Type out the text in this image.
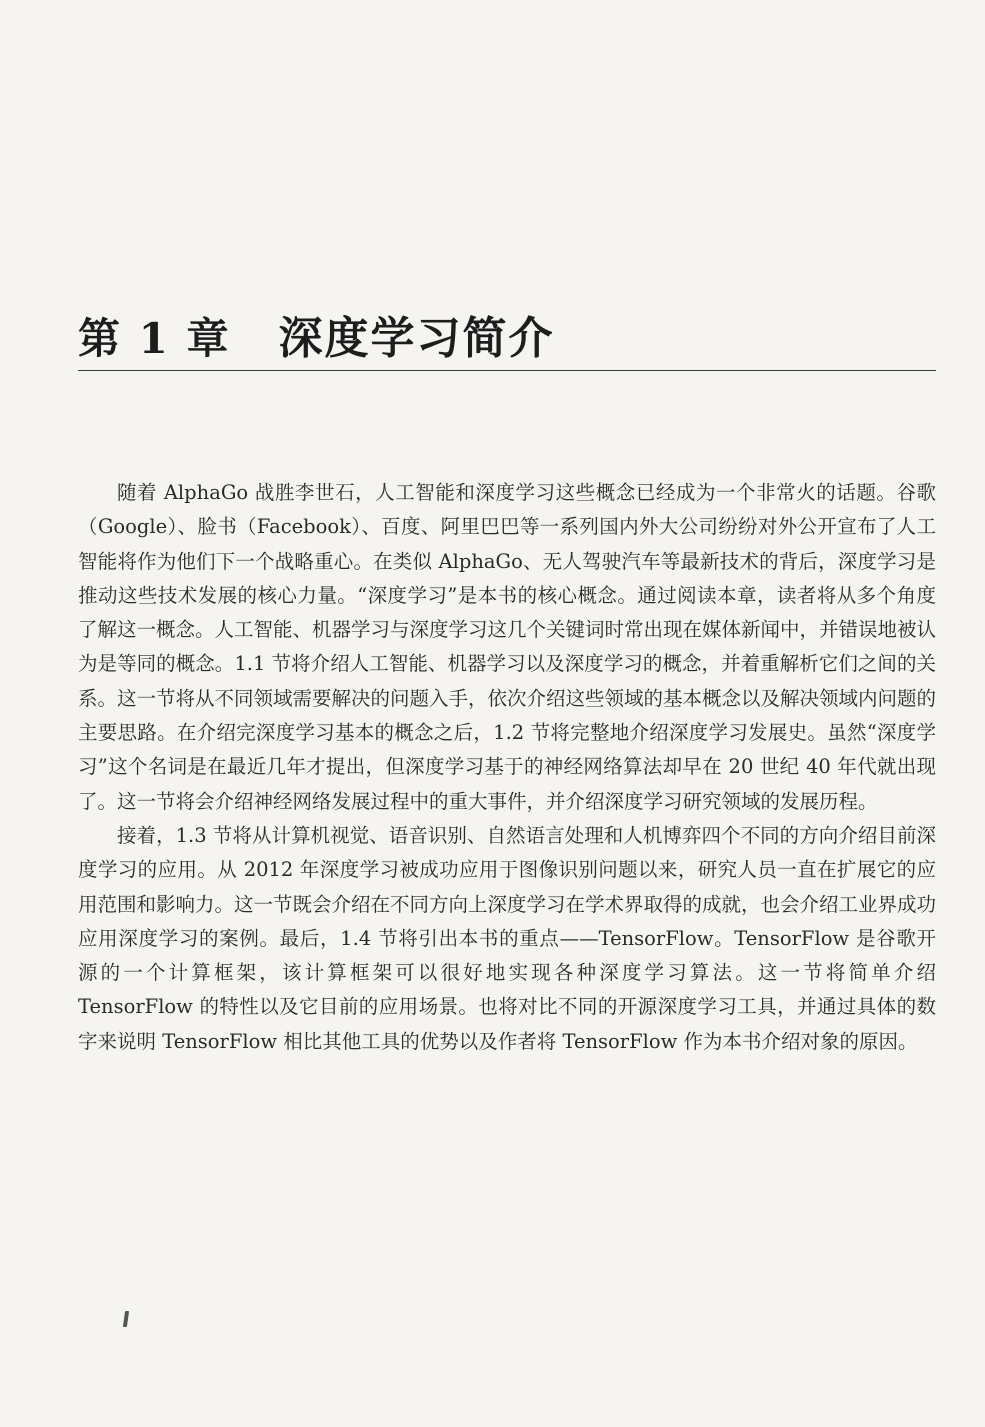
第 1 章 深度学习简介

随着 AlphaGo 战胜李世石，人工智能和深度学习这些概念已经成为一个非常火的话题。谷歌（Google）、脸书（Facebook）、百度、阿里巴巴等一系列国内外大公司纷纷对外公开宣布了人工智能将作为他们下一个战略重心。在类似 AlphaGo、无人驾驶汽车等最新技术的背后，深度学习是推动这些技术发展的核心力量。“深度学习”是本书的核心概念。通过阅读本章，读者将从多个角度了解这一概念。人工智能、机器学习与深度学习这几个关键词时常出现在媒体新闻中，并错误地被认为是等同的概念。1.1 节将介绍人工智能、机器学习以及深度学习的概念，并着重解析它们之间的关系。这一节将从不同领域需要解决的问题入手，依次介绍这些领域的基本概念以及解决领域内问题的主要思路。在介绍完深度学习基本的概念之后，1.2 节将完整地介绍深度学习发展史。虽然“深度学习”这个名词是在最近几年才提出，但深度学习基于的神经网络算法却早在 20 世纪 40 年代就出现了。这一节将会介绍神经网络发展过程中的重大事件，并介绍深度学习研究领域的发展历程。

接着，1.3 节将从计算机视觉、语音识别、自然语言处理和人机博弈四个不同的方向介绍目前深度学习的应用。从 2012 年深度学习被成功应用于图像识别问题以来，研究人员一直在扩展它的应用范围和影响力。这一节既会介绍在不同方向上深度学习在学术界取得的成就，也会介绍工业界成功应用深度学习的案例。最后，1.4 节将引出本书的重点——TensorFlow。TensorFlow 是谷歌开源的一个计算框架，该计算框架可以很好地实现各种深度学习算法。这一节将简单介绍 TensorFlow 的特性以及它目前的应用场景。也将对比不同的开源深度学习工具，并通过具体的数字来说明 TensorFlow 相比其他工具的优势以及作者将 TensorFlow 作为本书介绍对象的原因。
